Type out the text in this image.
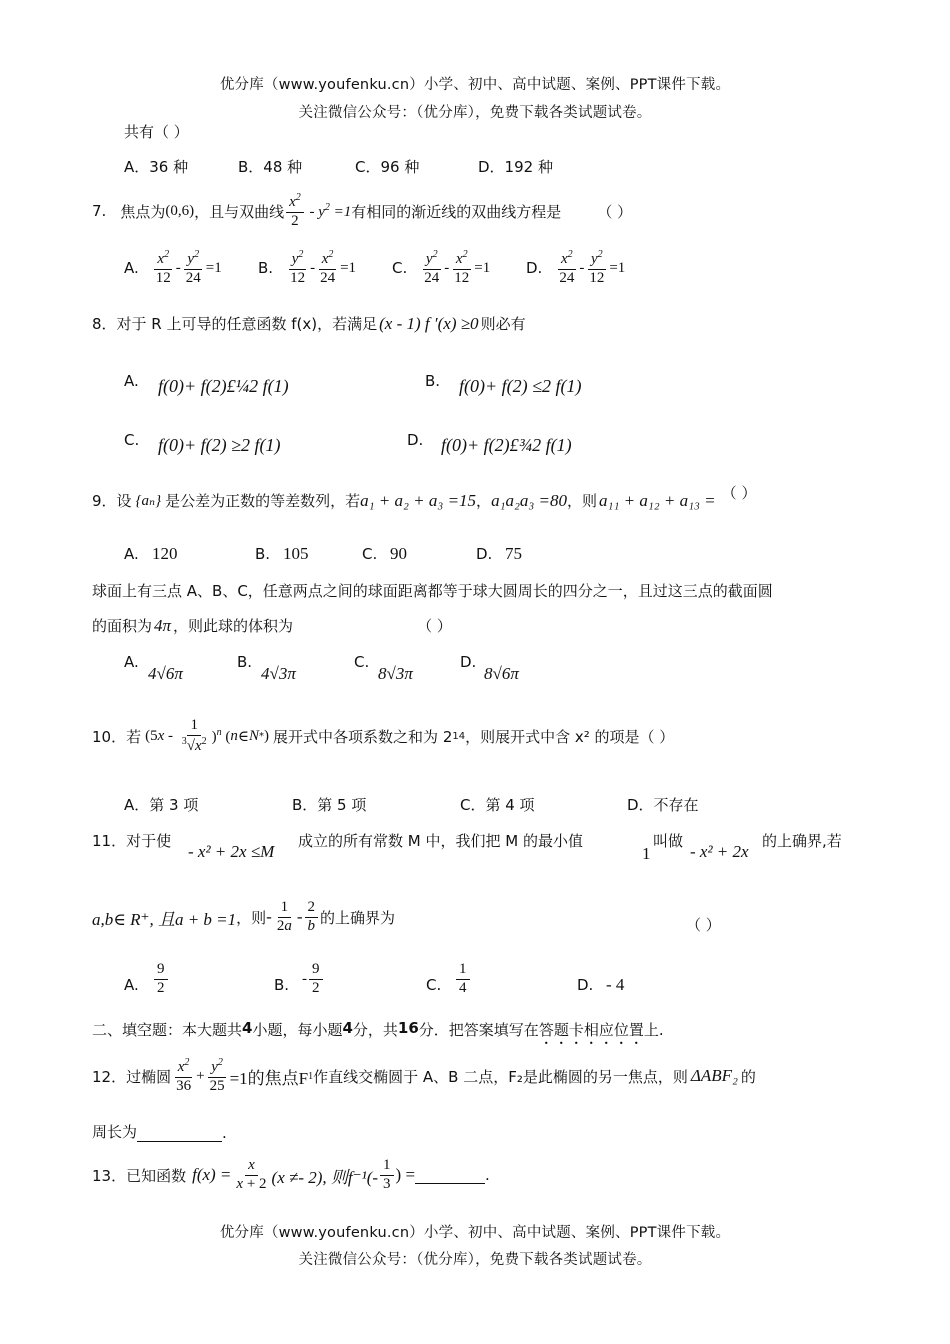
优分库（www.youfenku.cn）小学、初中、高中试题、案例、PPT课件下载。
关注微信公众号：（优分库），免费下载各类试题试卷。
共有（ ）
A．36 种	B．48 种	C．96 种	D．192 种
7. 焦点为 (0,6) ，且与双曲线 $\frac{x^2}{2} - y^2 =1$ 有相同的渐近线的双曲线方程是 （ ）
A. $\frac{x^2}{12} - \frac{y^2}{24} =1$ B. $\frac{y^2}{12} - \frac{x^2}{24} =1$ C. $\frac{y^2}{24} - \frac{x^2}{12} =1$ D. $\frac{x^2}{24} - \frac{y^2}{12} =1$
8．对于 R 上可导的任意函数 f(x)，若满足 (x - 1) f ′(x) ≥0 则必有
A. f(0)+ f(2)£¼2 f(1)	B. f(0)+ f(2) ≤2 f(1)
C. f(0)+ f(2) ≥2 f(1)	D. f(0)+ f(2)£¾2 f(1)
9．设 {aₙ} 是公差为正数的等差数列，若 a₁ + a₂ + a₃ =15 ， a₁a₂a₃ =80 ，则 a₁₁ + a₁₂ + a₁₃ = （ ）
A. 120	B. 105	C. 90	D. 75
球面上有三点 A、B、C，任意两点之间的球面距离都等于球大圆周长的四分之一，且过这三点的截面圆
的面积为 4π ，则此球的体积为	（ ）
A.
4√6π
B.
4√3π
C.
8√3π
D.
8√6π
10．若 (5 x - $\frac{1}{^3√x^2} )^n$ ( n ∈ N * ) 展开式中各项系数之和为 2 14 ，则展开式中含 x² 的项是（ ）
A．第 3 项	B．第 5 项	C．第 4 项	D．不存在
11．对于使
- x² + 2x ≤M
成立的所有常数 M 中，我们把 M 的最小值
1
叫做
- x² + 2x
的上确界,若
a,b∈ R⁺, 且a + b =1 ，则 - $\frac{1}{2a} - \frac{2}{b}$ 的上确界为	（ ）
A. $\frac{9}{2}$	B. - $\frac{9}{2}$	C. $\frac{1}{4}$	D. - 4
二、填空题：本大题共 4 小题，每小题 4 分，共 16 分．把答案填写在 答题卡相应位置 上.
12．过椭圆 $\frac{x^2}{36} + \frac{y^2}{25} =1$的焦点F 1 作直线交椭圆于 A、B 二点，F₂是此椭圆的另一焦点，则 ΔABF₂ 的
周长为	.
13．已知函数 $f(x) = \frac{x}{x + 2} (x \ne- 2)$, 则$f^{-1}(- \frac{1}{3}$ ) =	.
优分库（www.youfenku.cn）小学、初中、高中试题、案例、PPT课件下载。
关注微信公众号：（优分库），免费下载各类试题试卷。
